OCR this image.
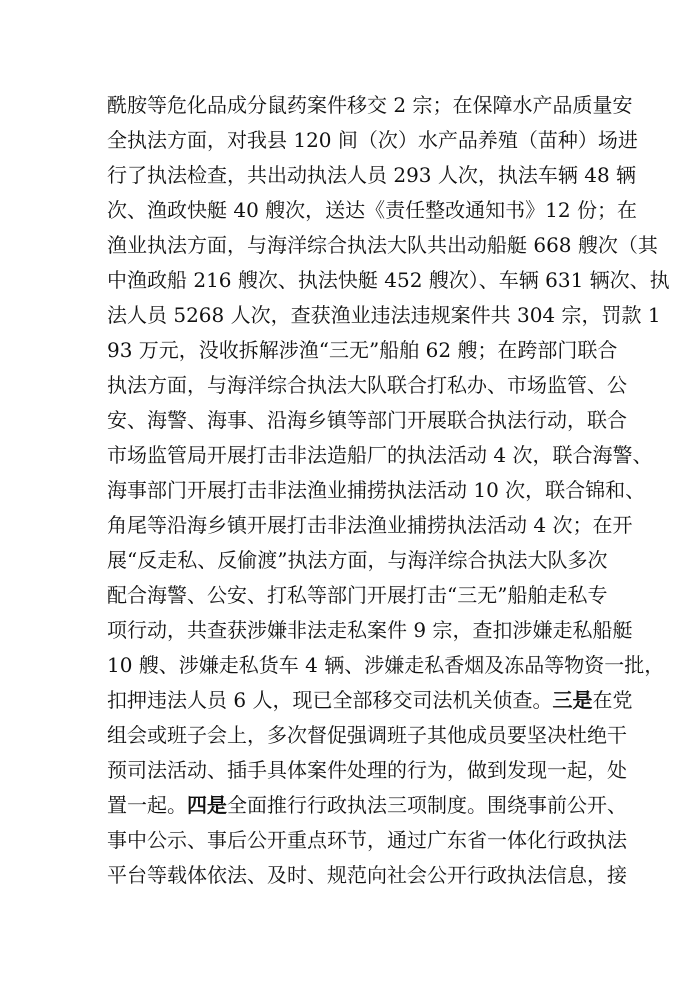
酰胺等危化品成分鼠药案件移交 2 宗；在保障水产品质量安
全执法方面，对我县 120 间（次）水产品养殖（苗种）场进
行了执法检查，共出动执法人员 293 人次，执法车辆 48 辆
次、渔政快艇 40 艘次，送达《责任整改通知书》12 份；在
渔业执法方面，与海洋综合执法大队共出动船艇 668 艘次（其
中渔政船 216 艘次、执法快艇 452 艘次）、车辆 631 辆次、执
法人员 5268 人次，查获渔业违法违规案件共 304 宗，罚款 1
93 万元，没收拆解涉渔“三无”船舶 62 艘；在跨部门联合
执法方面，与海洋综合执法大队联合打私办、市场监管、公
安、海警、海事、沿海乡镇等部门开展联合执法行动，联合
市场监管局开展打击非法造船厂的执法活动 4 次，联合海警、
海事部门开展打击非法渔业捕捞执法活动 10 次，联合锦和、
角尾等沿海乡镇开展打击非法渔业捕捞执法活动 4 次；在开
展“反走私、反偷渡”执法方面，与海洋综合执法大队多次
配合海警、公安、打私等部门开展打击“三无”船舶走私专
项行动，共查获涉嫌非法走私案件 9 宗，查扣涉嫌走私船艇
10 艘、涉嫌走私货车 4 辆、涉嫌走私香烟及冻品等物资一批，
扣押违法人员 6 人，现已全部移交司法机关侦查。三是在党
组会或班子会上，多次督促强调班子其他成员要坚决杜绝干
预司法活动、插手具体案件处理的行为，做到发现一起，处
置一起。四是全面推行行政执法三项制度。围绕事前公开、
事中公示、事后公开重点环节，通过广东省一体化行政执法
平台等载体依法、及时、规范向社会公开行政执法信息，接
